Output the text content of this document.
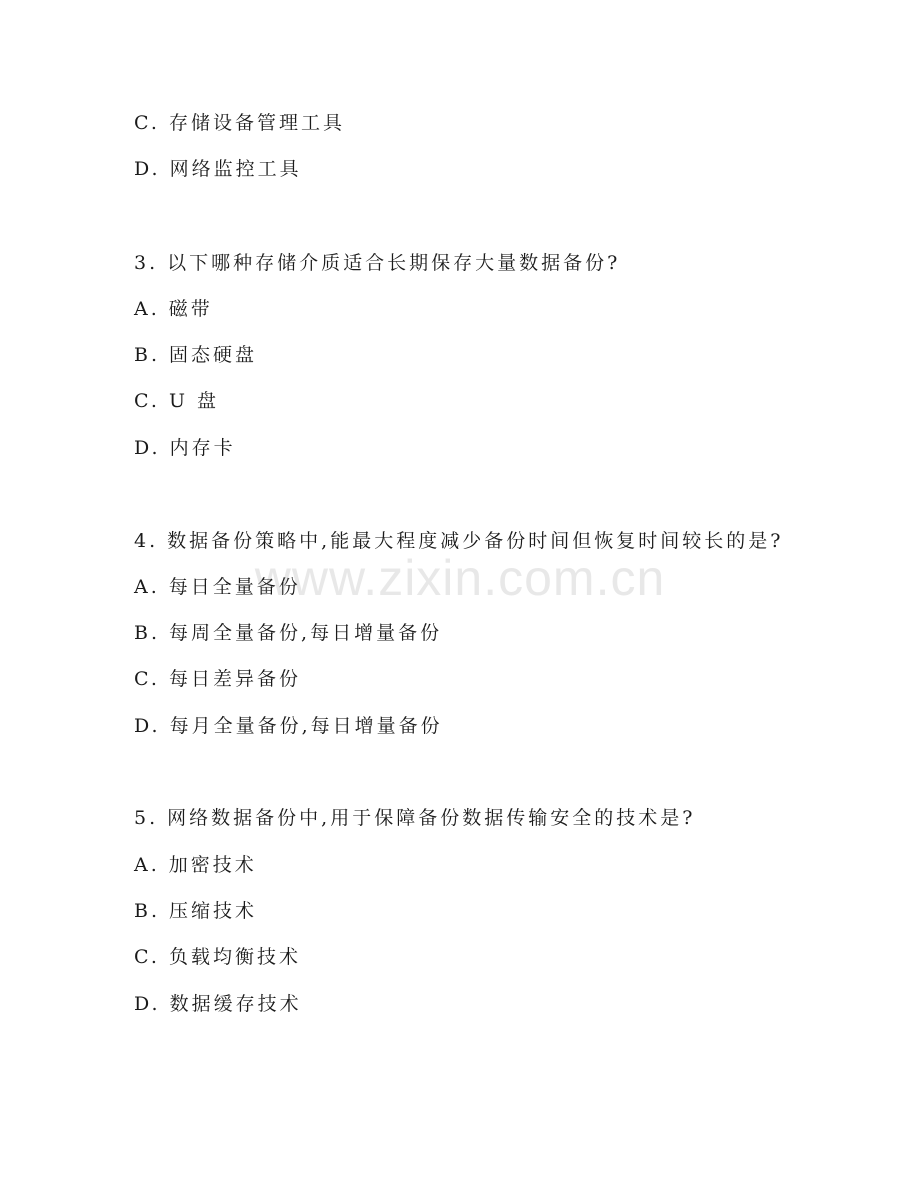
C. 存储设备管理工具
D. 网络监控工具
3. 以下哪种存储介质适合长期保存大量数据备份?
A. 磁带
B. 固态硬盘
C. U 盘
D. 内存卡
4. 数据备份策略中,能最大程度减少备份时间但恢复时间较长的是?
A. 每日全量备份
B. 每周全量备份,每日增量备份
C. 每日差异备份
D. 每月全量备份,每日增量备份
5. 网络数据备份中,用于保障备份数据传输安全的技术是?
A. 加密技术
B. 压缩技术
C. 负载均衡技术
D. 数据缓存技术
www.zixin.com.cn
